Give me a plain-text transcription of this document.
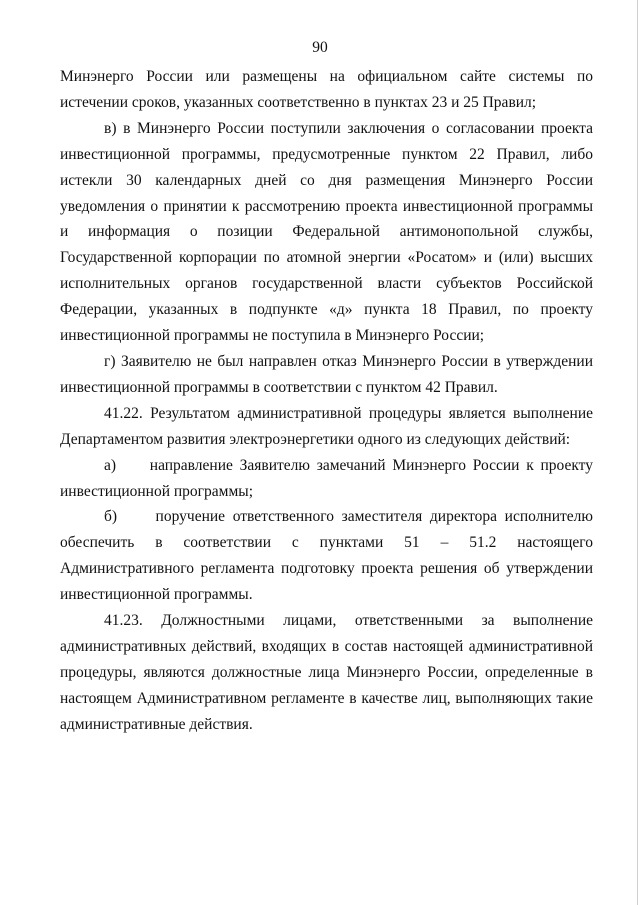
90

Минэнерго России или размещены на официальном сайте системы по истечении сроков, указанных соответственно в пунктах 23 и 25 Правил;

в) в Минэнерго России поступили заключения о согласовании проекта инвестиционной программы, предусмотренные пунктом 22 Правил, либо истекли 30 календарных дней со дня размещения Минэнерго России уведомления о принятии к рассмотрению проекта инвестиционной программы и информация о позиции Федеральной антимонопольной службы, Государственной корпорации по атомной энергии «Росатом» и (или) высших исполнительных органов государственной власти субъектов Российской Федерации, указанных в подпункте «д» пункта 18 Правил, по проекту инвестиционной программы не поступила в Минэнерго России;

г) Заявителю не был направлен отказ Минэнерго России в утверждении инвестиционной программы в соответствии с пунктом 42 Правил.

41.22. Результатом административной процедуры является выполнение Департаментом развития электроэнергетики одного из следующих действий:

а)     направление Заявителю замечаний Минэнерго России к проекту инвестиционной программы;

б)     поручение ответственного заместителя директора исполнителю обеспечить в соответствии с пунктами 51 – 51.2 настоящего Административного регламента подготовку проекта решения об утверждении инвестиционной программы.

41.23. Должностными лицами, ответственными за выполнение административных действий, входящих в состав настоящей административной процедуры, являются должностные лица Минэнерго России, определенные в настоящем Административном регламенте в качестве лиц, выполняющих такие административные действия.
